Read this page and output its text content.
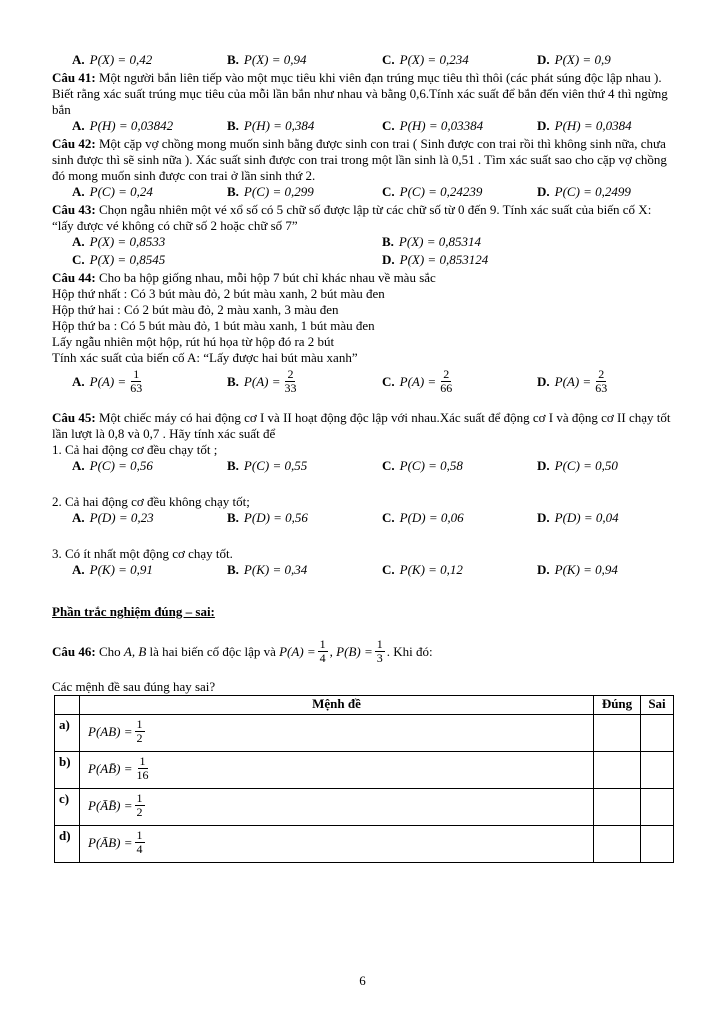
A. P(X) = 0,42	B. P(X) = 0,94	C. P(X) = 0,234	D. P(X) = 0,9

Câu 41: Một người bắn liên tiếp vào một mục tiêu khi viên đạn trúng mục tiêu thì thôi (các phát súng độc lập nhau ). Biết rằng xác suất trúng mục tiêu của mỗi lần bắn như nhau và bằng 0,6.Tính xác suất để bắn đến viên thứ 4 thì ngừng bắn

A. P(H) = 0,03842	B. P(H) = 0,384	C. P(H) = 0,03384	D. P(H) = 0,0384

Câu 42: Một cặp vợ chồng mong muốn sinh bằng được sinh con trai ( Sinh được con trai rồi thì không sinh nữa, chưa sinh được thì sẽ sinh nữa ). Xác suất sinh được con trai trong một lần sinh là 0,51 . Tìm xác suất sao cho cặp vợ chồng đó mong muốn sinh được con trai ở lần sinh thứ 2.

A. P(C) = 0,24	B. P(C) = 0,299	C. P(C) = 0,24239	D. P(C) = 0,2499

Câu 43: Chọn ngẫu nhiên một vé xổ số có 5 chữ số được lập từ các chữ số từ 0 đến 9. Tính xác suất của biến cố X: “lấy được vé không có chữ số 2 hoặc chữ số 7”

A. P(X) = 0,8533	B. P(X) = 0,85314
C. P(X) = 0,8545	D. P(X) = 0,853124

Câu 44: Cho ba hộp giống nhau, mỗi hộp 7 bút chỉ khác nhau về màu sắc

Hộp thứ nhất : Có 3 bút màu đỏ, 2 bút màu xanh, 2 bút màu đen
Hộp thứ hai : Có 2 bút màu đỏ, 2 màu xanh, 3 màu đen
Hộp thứ ba : Có 5 bút màu đỏ, 1 bút màu xanh, 1 bút màu đen
Lấy ngẫu nhiên một hộp, rút hú họa từ hộp đó ra 2 bút
Tính xác suất của biến cố A: “Lấy được hai bút màu xanh”
A. $P(A) = \frac{1}{63}$	B. $P(A) = \frac{2}{33}$	C. $P(A) = \frac{2}{66}$	D. $P(A) = \frac{2}{63}$

Câu 45: Một chiếc máy có hai động cơ I và II hoạt động độc lập với nhau.Xác suất để động cơ I và động cơ II chạy tốt lần lượt là 0,8 và 0,7 . Hãy tính xác suất để

1. Cả hai động cơ đều chạy tốt ;
A. P(C) = 0,56	B. P(C) = 0,55	C. P(C) = 0,58	D. P(C) = 0,50
2. Cả hai động cơ đều không chạy tốt;
A. P(D) = 0,23	B. P(D) = 0,56	C. P(D) = 0,06	D. P(D) = 0,04
3. Có ít nhất một động cơ chạy tốt.
A. P(K) = 0,91	B. P(K) = 0,34	C. P(K) = 0,12	D. P(K) = 0,94
Phần trắc nghiệm đúng – sai:
Câu 46: Cho A, B là hai biến cố độc lập và $P(A) = \frac{1}{4}$ , $P(B) = \frac{1}{3}$ . Khi đó:
Các mệnh đề sau đúng hay sai?
	Mệnh đề	Đúng	Sai
a)	$P(AB) = \frac{1}{2}$

b)	P(AB̄) = $\frac{1}{16}$

c)	P(ĀB̄) = $\frac{1}{2}$

d)	P(ĀB) = $\frac{1}{4}$

6
